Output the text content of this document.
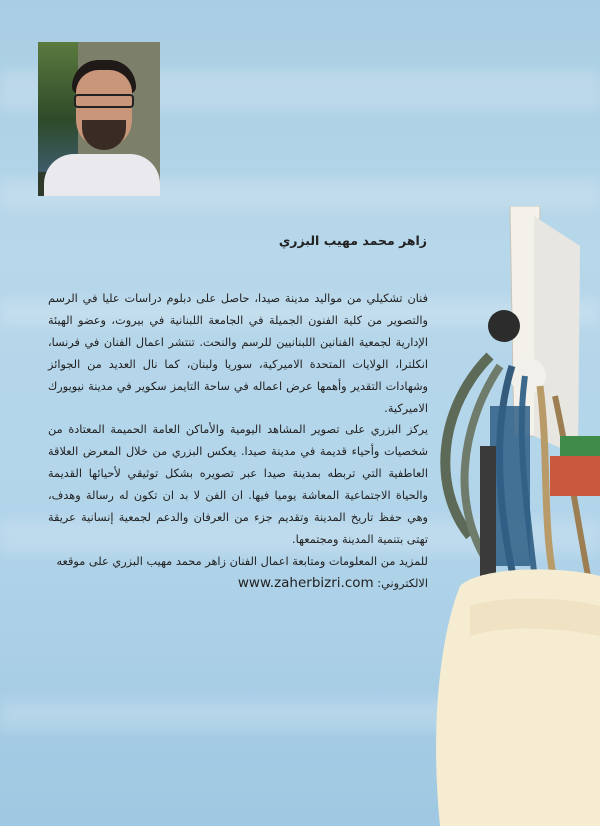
زاهر محمد مهيب البزري

فنان تشكيلي من مواليد مدينة صيدا، حاصل على دبلوم دراسات عليا في الرسم والتصوير من كلية الفنون الجميلة في الجامعة اللبنانية في بيروت، وعضو الهيئة الإدارية لجمعية الفنانين اللبنانيين للرسم والنحت. تنتشر اعمال الفنان في فرنسا، انكلترا، الولايات المتحدة الاميركية، سوريا ولبنان، كما نال العديد من الجوائز وشهادات التقدير وأهمها عرض اعماله في ساحة التايمز سكوير في مدينة نيويورك الاميركية.

يركز البزري على تصوير المشاهد اليومية والأماكن العامة الحميمة المعتادة من شخصيات وأحياء قديمة في مدينة صيدا. يعكس البزري من خلال المعرض العلاقة العاطفية التي تربطه بمدينة صيدا عبر تصويره بشكل توثيقي لأحيائها القديمة والحياة الاجتماعية المعاشة يوميا فيها. ان الفن لا بد ان تكون له رسالة وهدف، وهي حفظ تاريخ المدينة وتقديم جزء من العرفان والدعم لجمعية إنسانية عريقة تهتى بتنمية المدينة ومجتمعها.

للمزيد من المعلومات ومتابعة اعمال الفنان زاهر محمد مهيب البزري على موقعه الالكتروني: www.zaherbizri.com
